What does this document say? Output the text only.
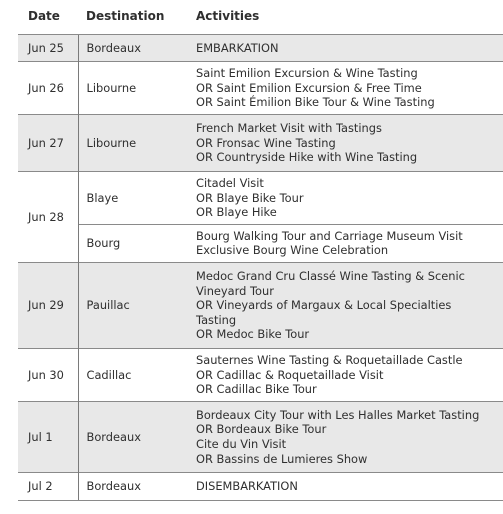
Date	Destination	Activities
Jun 25	Bordeaux	EMBARKATION

Jun 26	Libourne	Saint Emilion Excursion & Wine Tasting
OR Saint Emilion Excursion & Free Time
OR Saint Émilion Bike Tour & Wine Tasting

Jun 27	Libourne	French Market Visit with Tastings
OR Fronsac Wine Tasting
OR Countryside Hike with Wine Tasting

Jun 28	Blaye	Citadel Visit
OR Blaye Bike Tour
OR Blaye Hike

	Bourg	Bourg Walking Tour and Carriage Museum Visit
Exclusive Bourg Wine Celebration

Jun 29	Pauillac	Medoc Grand Cru Classé Wine Tasting & Scenic
Vineyard Tour
OR Vineyards of Margaux & Local Specialties
Tasting
OR Medoc Bike Tour

Jun 30	Cadillac	Sauternes Wine Tasting & Roquetaillade Castle
OR Cadillac & Roquetaillade Visit
OR Cadillac Bike Tour

Jul 1	Bordeaux	Bordeaux City Tour with Les Halles Market Tasting
OR Bordeaux Bike Tour
Cite du Vin Visit
OR Bassins de Lumieres Show

Jul 2	Bordeaux	DISEMBARKATION
